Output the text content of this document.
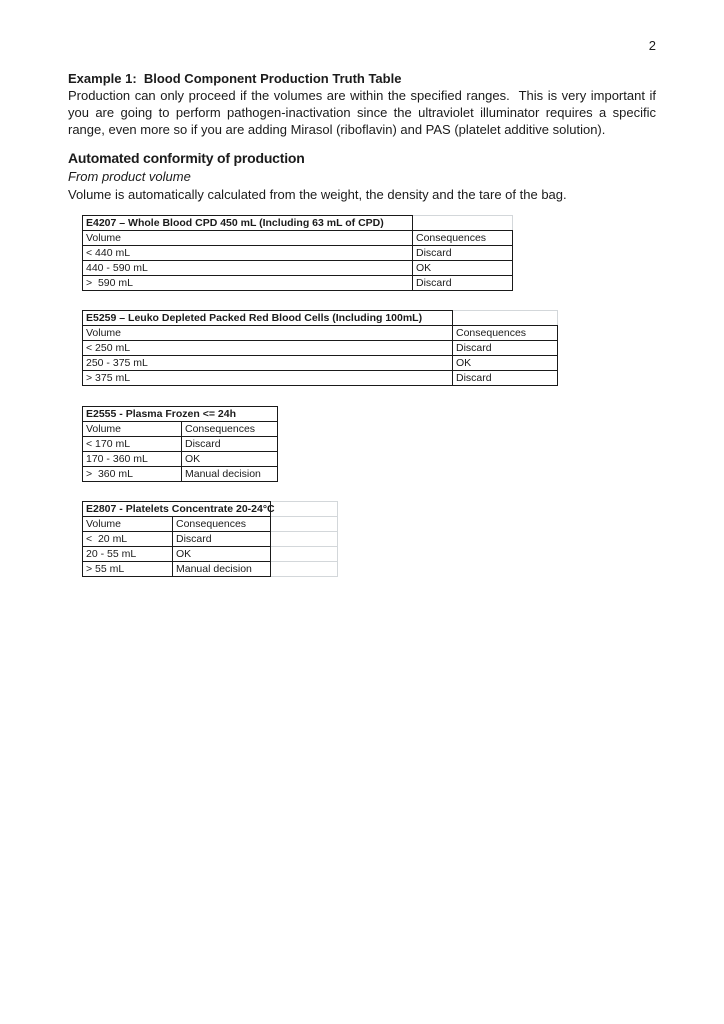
2
Example 1:  Blood Component Production Truth Table

Production can only proceed if the volumes are within the specified ranges.  This is very important if you are going to perform pathogen-inactivation since the ultraviolet illuminator requires a specific range, even more so if you are adding Mirasol (riboflavin) and PAS (platelet additive solution).

Automated conformity of production
From product volume
Volume is automatically calculated from the weight, the density and the tare of the bag.
E4207 – Whole Blood CPD 450 mL (Including 63 mL of CPD)
Volume	Consequences
< 440 mL	Discard
440 - 590 mL	OK
>  590 mL	Discard
E5259 – Leuko Depleted Packed Red Blood Cells (Including 100mL)
Volume	Consequences
< 250 mL	Discard
250 - 375 mL	OK
> 375 mL	Discard
E2555 - Plasma Frozen <= 24h
Volume	Consequences
< 170 mL	Discard
170 - 360 mL	OK
>  360 mL	Manual decision
E2807 - Platelets Concentrate 20-24°C
Volume	Consequences
<  20 mL	Discard
20 - 55 mL	OK
> 55 mL	Manual decision
